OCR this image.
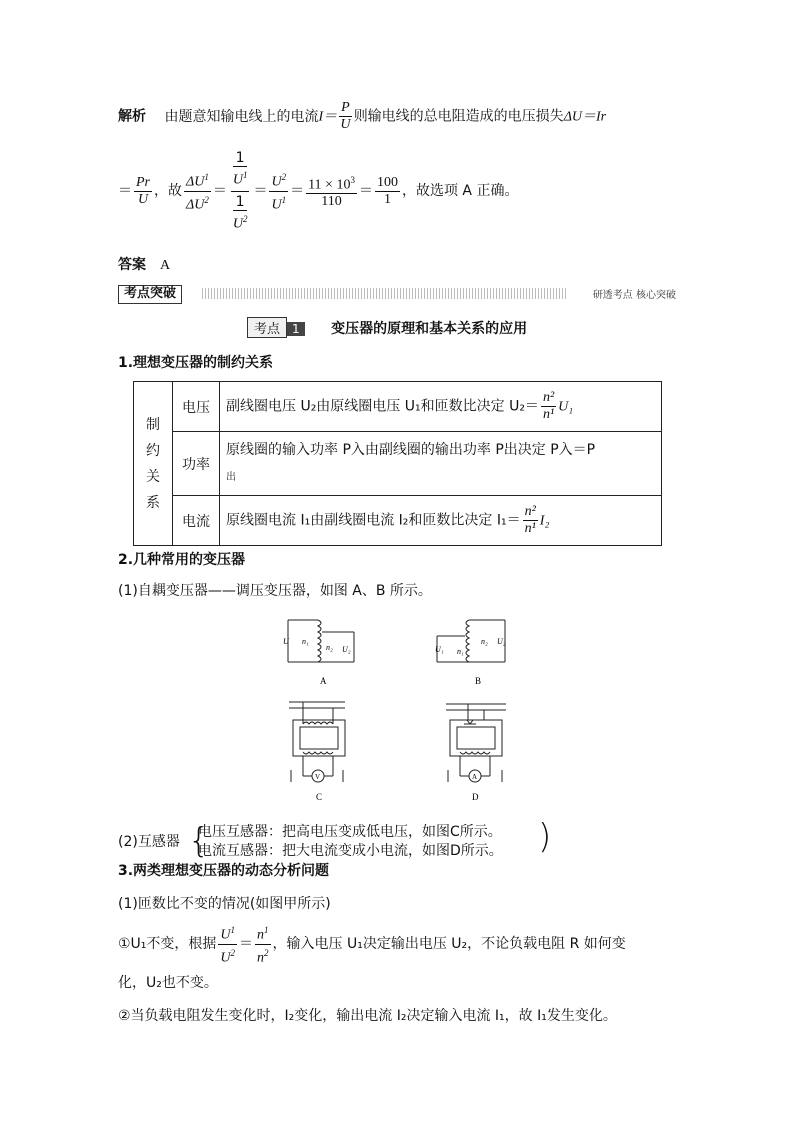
解析 由题意知输电线上的电流$I= \frac{P}{U}$ 则输电线的总电阻造成的电压损失ΔU＝Ir
＝ $\frac{Pr}{U}$ ，故 $\frac{\Delta U^1}{\Delta U^2} = \frac{\frac{1}{U^1}}{\frac{1}{U^2}} = \frac{U^2}{U^1} = \frac{11 \times 10^3}{110} = \frac{100}{1}$ ，故选项 A 正确。
答案 A
考点突破	研透考点 核心突破
考点 1 变压器的原理和基本关系的应用
1.理想变压器的制约关系
制
约
关
系	电压	副线圈电压 U₂由原线圈电压 U₁和匝数比决定 $U_2= \frac{\text{n²}}{\text{n¹}} U_1$
	功率	原线圈的输入功率 P入由副线圈的输出功率 P出决定 P入＝P
出
	电流	原线圈电流 I₁由副线圈电流 I₂和匝数比决定 $I_1= \frac{\text{n²}}{\text{n¹}} I_2$
2.几种常用的变压器
(1)自耦变压器——调压变压器，如图 A、B 所示。
U n₁
n₂ U₂
A
U₁ n₁
n₂ U₂
B
V
C
A
D
(2)互感器 {
电压互感器：把高电压变成低电压，如图C所示。
电流互感器：把大电流变成小电流，如图D所示。 )
3.两类理想变压器的动态分析问题
(1)匝数比不变的情况(如图甲所示)
①U₁不变，根据 $\frac{U^1}{U^2} = \frac{n^1}{n^2}$ ，输入电压 U₁决定输出电压 U₂，不论负载电阻 R 如何变
化，U₂也不变。
②当负载电阻发生变化时，I₂变化，输出电流 I₂决定输入电流 I₁，故 I₁发生变化。
